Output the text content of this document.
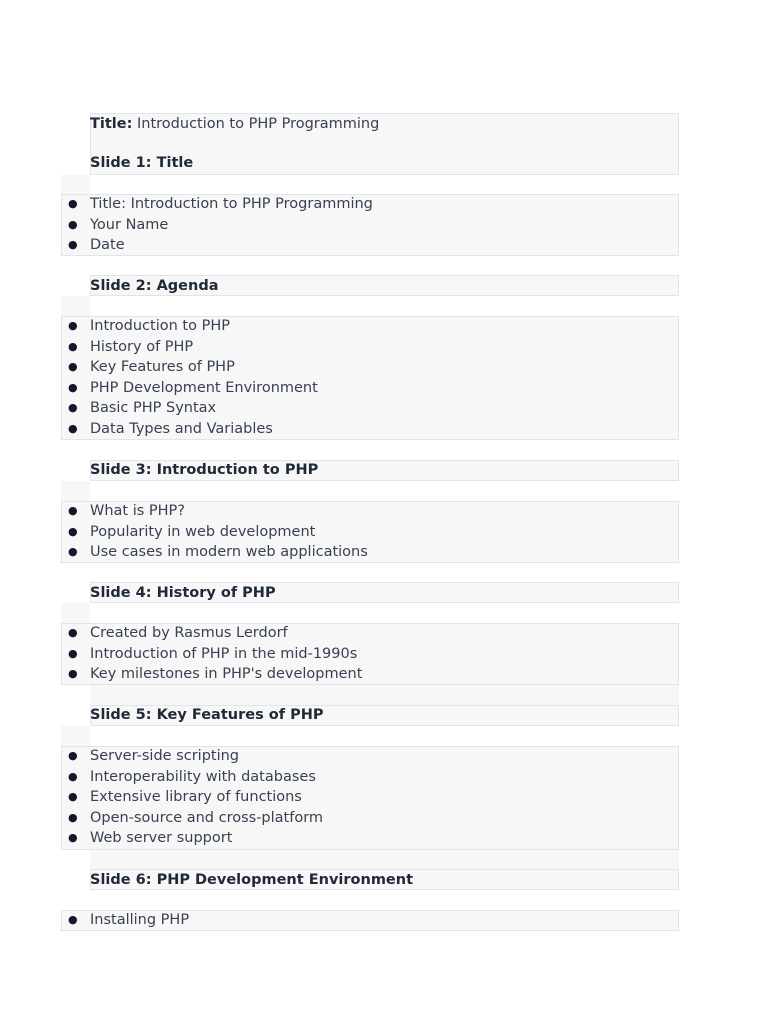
Title: Introduction to PHP Programming
Slide 1: Title
● Title: Introduction to PHP Programming
● Your Name
● Date
Slide 2: Agenda
● Introduction to PHP
● History of PHP
● Key Features of PHP
● PHP Development Environment
● Basic PHP Syntax
● Data Types and Variables
Slide 3: Introduction to PHP
● What is PHP?
● Popularity in web development
● Use cases in modern web applications
Slide 4: History of PHP
● Created by Rasmus Lerdorf
● Introduction of PHP in the mid-1990s
● Key milestones in PHP's development
Slide 5: Key Features of PHP
● Server-side scripting
● Interoperability with databases
● Extensive library of functions
● Open-source and cross-platform
● Web server support
Slide 6: PHP Development Environment
● Installing PHP
